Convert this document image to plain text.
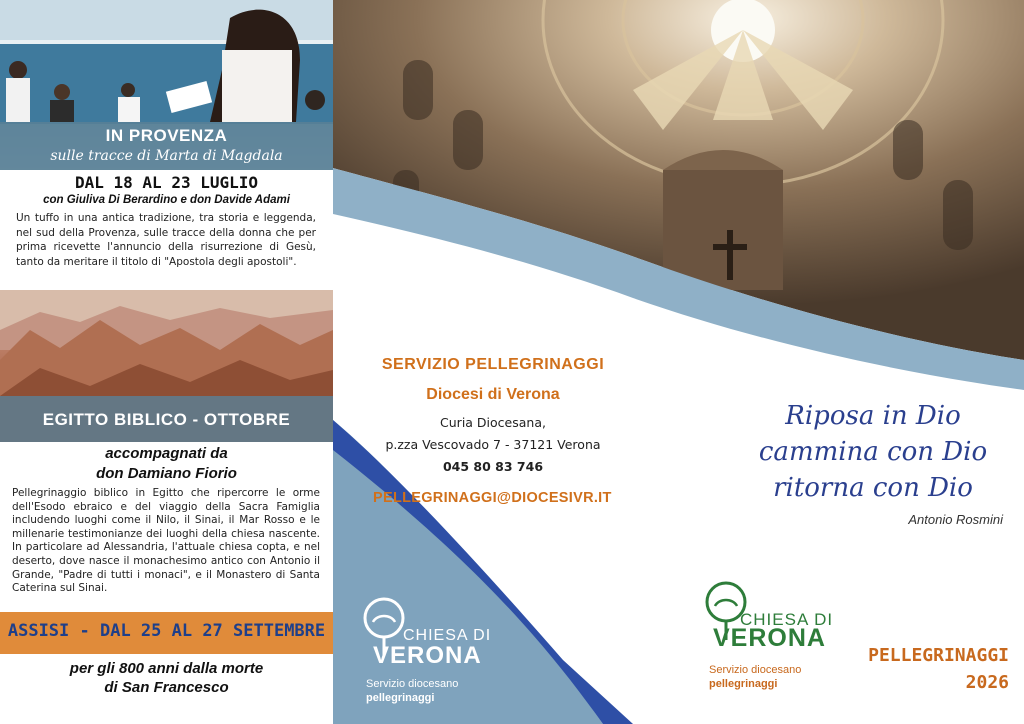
IN PROVENZA
sulle tracce di Marta di Magdala
DAL 18 AL 23 LUGLIO
con Giuliva Di Berardino e don Davide Adami
Un tuffo in una antica tradizione, tra storia e leggenda, nel sud della Provenza, sulle tracce della donna che per prima ricevette l'annuncio della risurrezione di Gesù, tanto da meritare il titolo di "Apostola degli apostoli".
EGITTO BIBLICO - OTTOBRE
accompagnati da
don Damiano Fiorio
Pellegrinaggio biblico in Egitto che ripercorre le orme dell'Esodo ebraico e del viaggio della Sacra Famiglia includendo luoghi come il Nilo, il Sinai, il Mar Rosso e le millenarie testimonianze dei luoghi della chiesa nascente. In particolare ad Alessandria, l'attuale chiesa copta, e nel deserto, dove nasce il monachesimo antico con Antonio il Grande, "Padre di tutti i monaci", e il Monastero di Santa Caterina sul Sinai.
ASSISI - DAL 25 AL 27 SETTEMBRE
per gli 800 anni dalla morte
di San Francesco
SERVIZIO PELLEGRINAGGI
Diocesi di Verona
Curia Diocesana,
p.zza Vescovado 7 - 37121 Verona
045 80 83 746
PELLEGRINAGGI@DIOCESIVR.IT
Riposa in Dio
cammina con Dio
ritorna con Dio
Antonio Rosmini
CHIESA DI
VERONA
Servizio diocesano
pellegrinaggi
CHIESA DI
VERONA
Servizio diocesano
pellegrinaggi
PELLEGRINAGGI
2026
